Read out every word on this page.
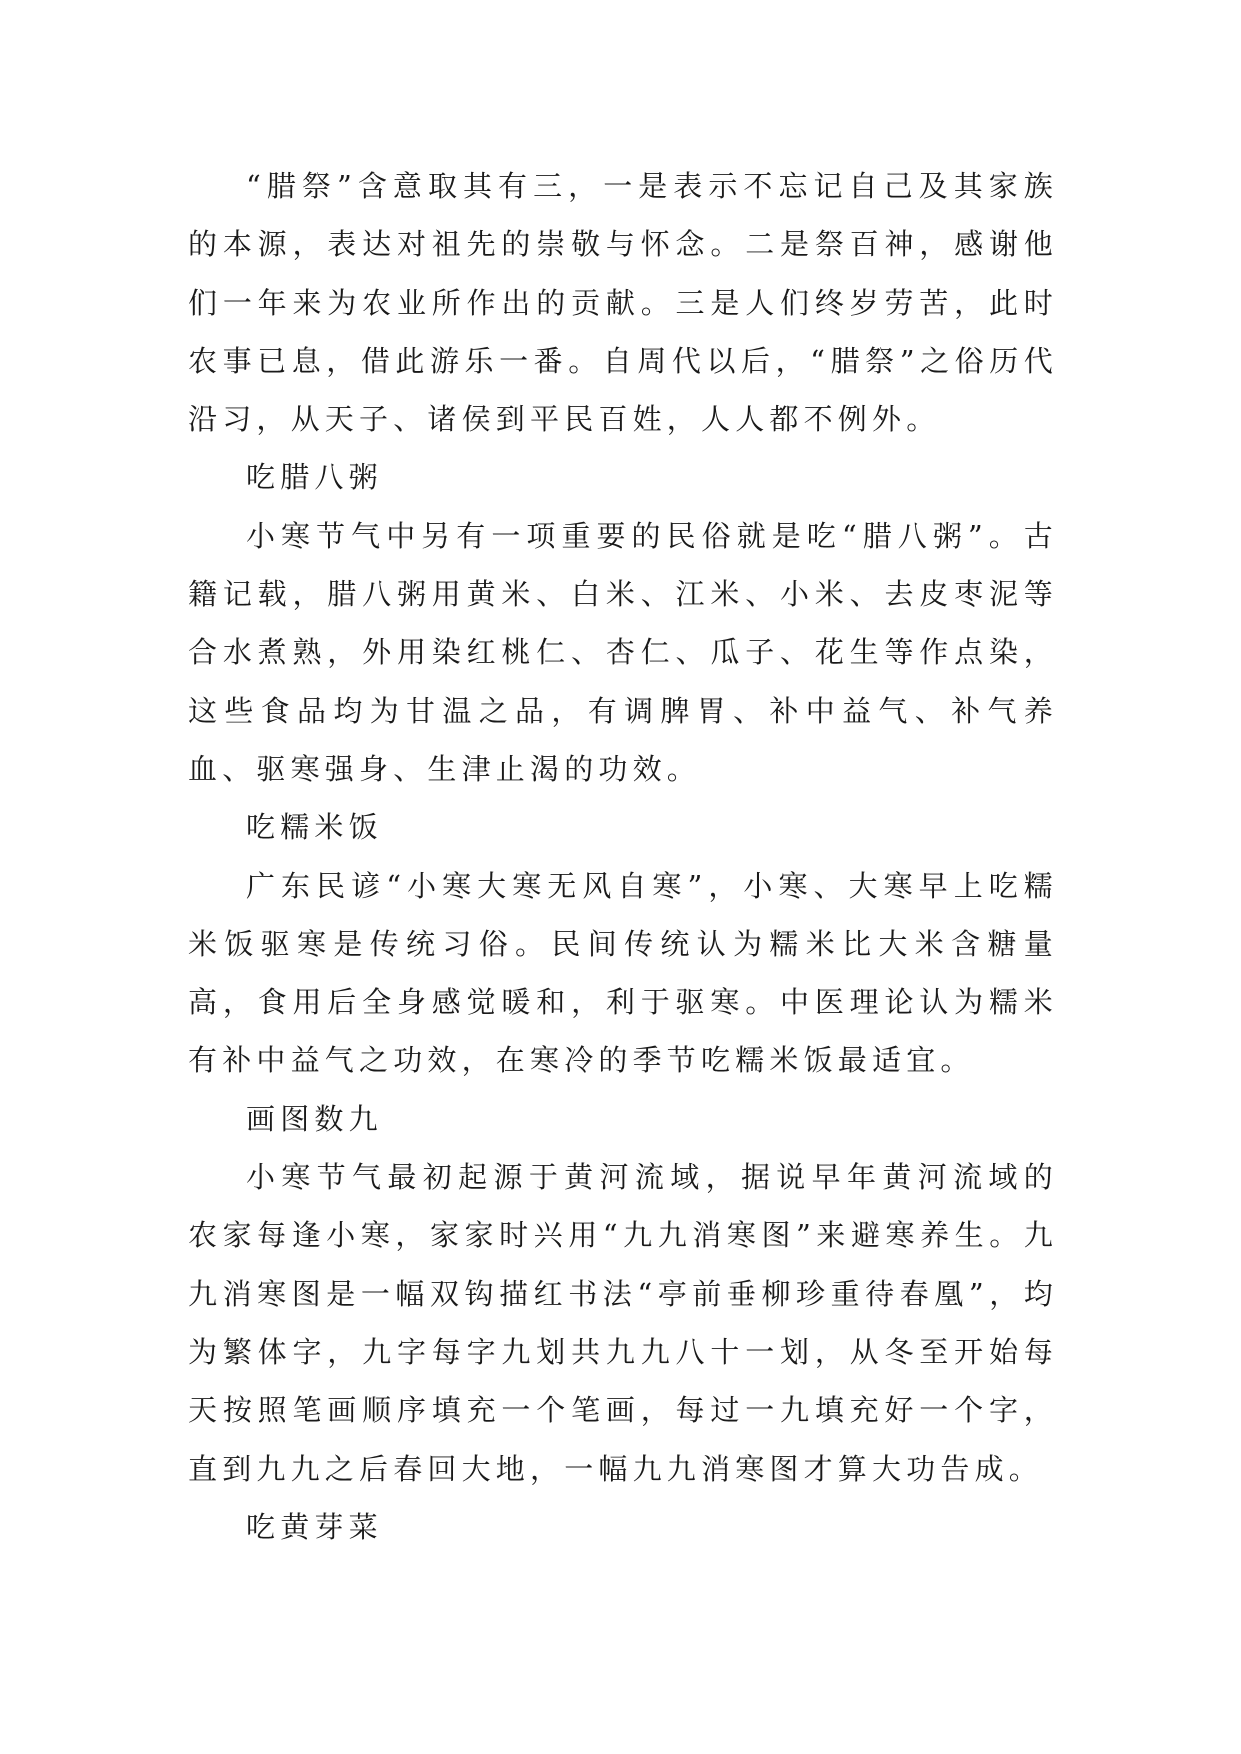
“腊祭”含意取其有三，一是表示不忘记自己及其家族的本源，表达对祖先的崇敬与怀念。二是祭百神，感谢他们一年来为农业所作出的贡献。三是人们终岁劳苦，此时农事已息，借此游乐一番。自周代以后，“腊祭”之俗历代沿习，从天子、诸侯到平民百姓，人人都不例外。

吃腊八粥

小寒节气中另有一项重要的民俗就是吃“腊八粥”。古籍记载，腊八粥用黄米、白米、江米、小米、去皮枣泥等合水煮熟，外用染红桃仁、杏仁、瓜子、花生等作点染，这些食品均为甘温之品，有调脾胃、补中益气、补气养血、驱寒强身、生津止渴的功效。

吃糯米饭

广东民谚“小寒大寒无风自寒”，小寒、大寒早上吃糯米饭驱寒是传统习俗。民间传统认为糯米比大米含糖量高，食用后全身感觉暖和，利于驱寒。中医理论认为糯米有补中益气之功效，在寒冷的季节吃糯米饭最适宜。

画图数九

小寒节气最初起源于黄河流域，据说早年黄河流域的农家每逢小寒，家家时兴用“九九消寒图”来避寒养生。九九消寒图是一幅双钩描红书法“亭前垂柳珍重待春凰”，均为繁体字，九字每字九划共九九八十一划，从冬至开始每天按照笔画顺序填充一个笔画，每过一九填充好一个字，直到九九之后春回大地，一幅九九消寒图才算大功告成。

吃黄芽菜
